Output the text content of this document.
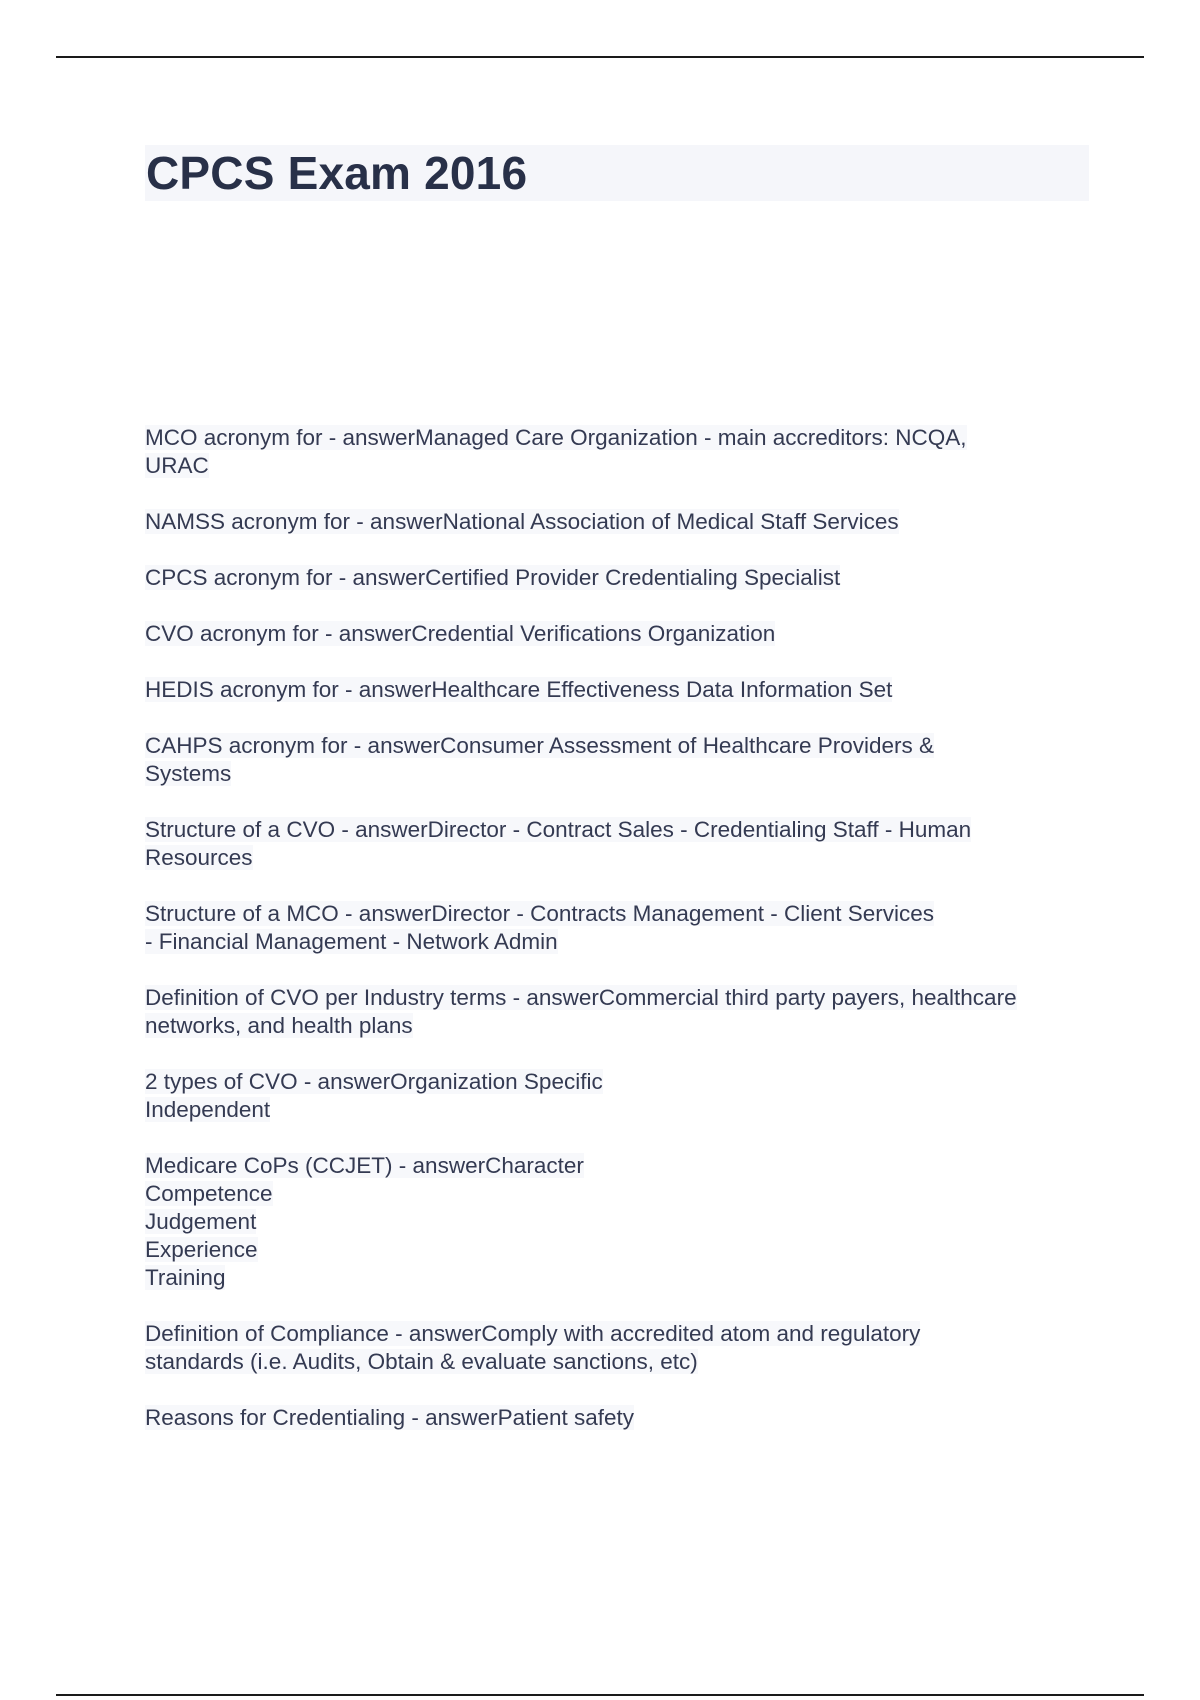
CPCS Exam 2016
MCO acronym for - answerManaged Care Organization - main accreditors: NCQA,
URAC
NAMSS acronym for - answerNational Association of Medical Staff Services
CPCS acronym for - answerCertified Provider Credentialing Specialist
CVO acronym for - answerCredential Verifications Organization
HEDIS acronym for - answerHealthcare Effectiveness Data Information Set
CAHPS acronym for - answerConsumer Assessment of Healthcare Providers &
Systems
Structure of a CVO - answerDirector - Contract Sales - Credentialing Staff - Human
Resources
Structure of a MCO - answerDirector - Contracts Management - Client Services
- Financial Management - Network Admin
Definition of CVO per Industry terms - answerCommercial third party payers, healthcare
networks, and health plans
2 types of CVO - answerOrganization Specific
Independent
Medicare CoPs (CCJET) - answerCharacter
Competence
Judgement
Experience
Training
Definition of Compliance - answerComply with accredited atom and regulatory
standards (i.e. Audits, Obtain & evaluate sanctions, etc)
Reasons for Credentialing - answerPatient safety
